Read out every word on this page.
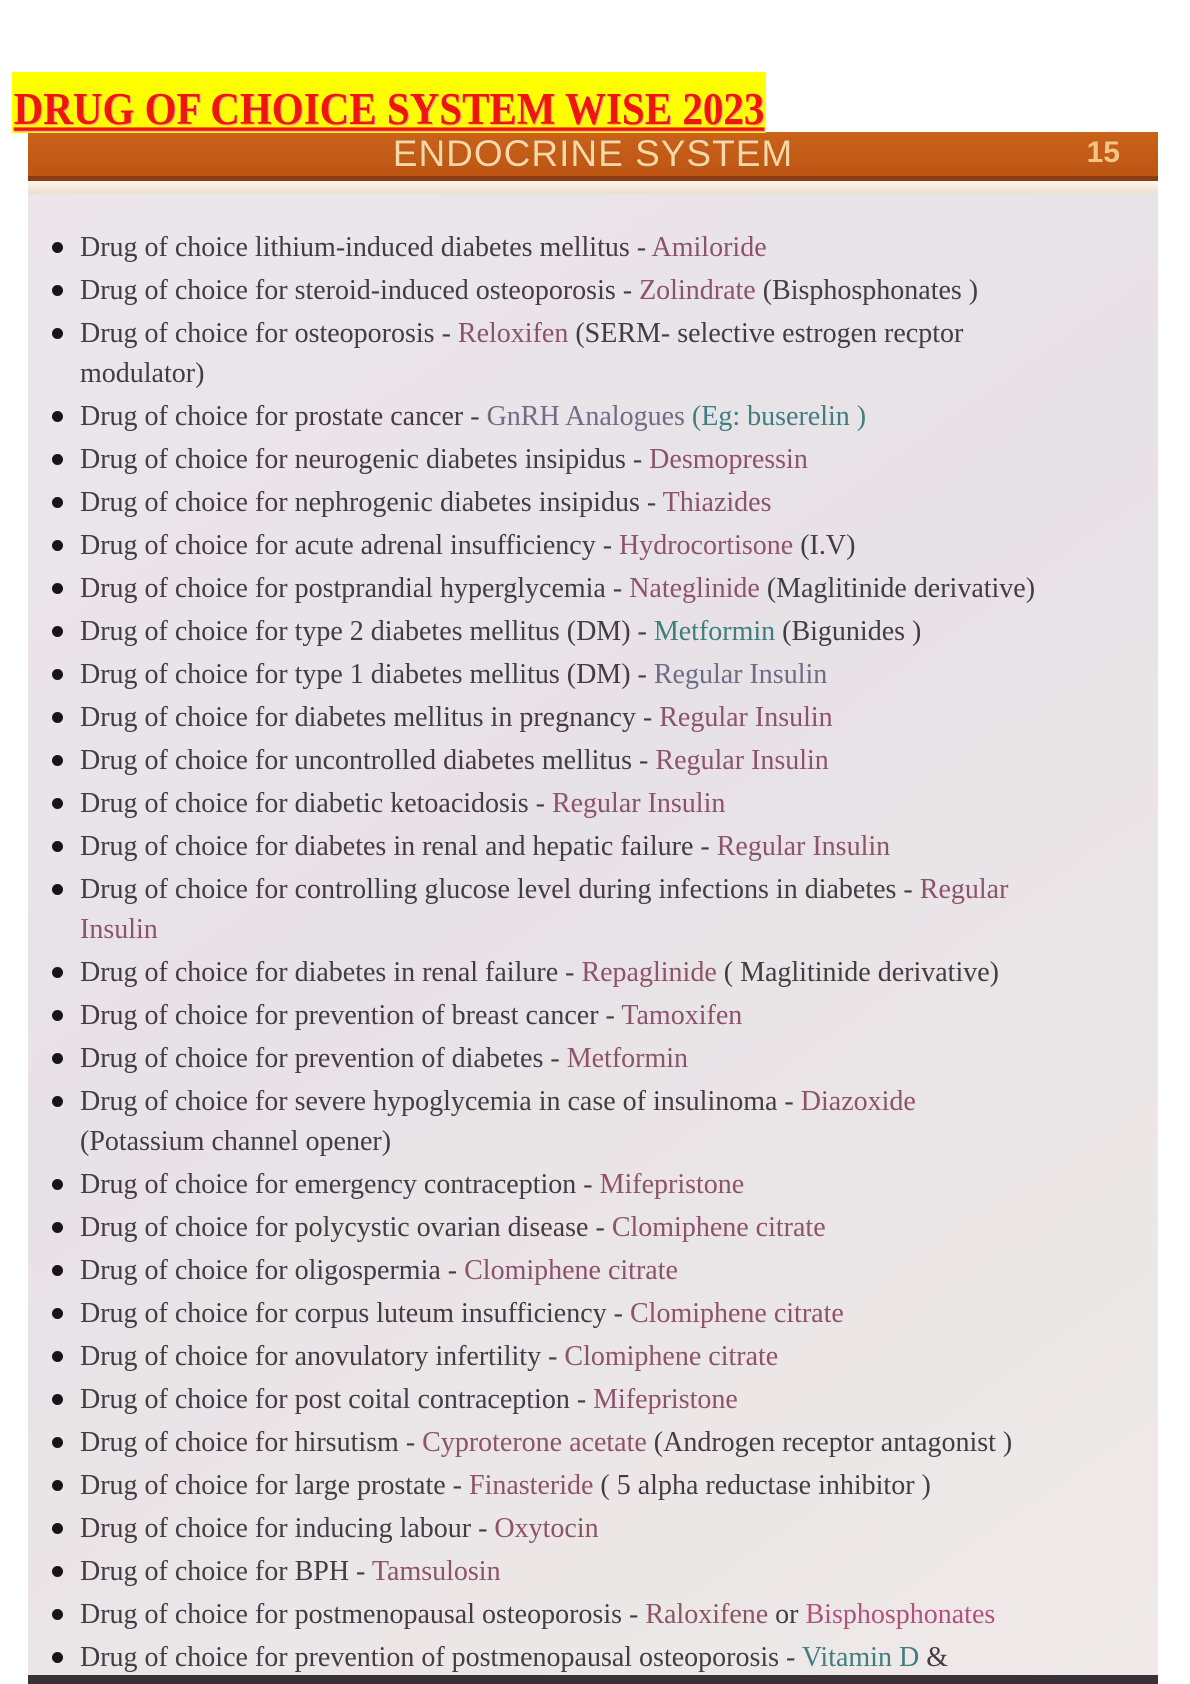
DRUG OF CHOICE SYSTEM WISE 2023
ENDOCRINE SYSTEM	15
Drug of choice lithium-induced diabetes mellitus - Amiloride
Drug of choice for steroid-induced osteoporosis - Zolindrate (Bisphosphonates )
Drug of choice for osteoporosis - Reloxifen (SERM- selective estrogen recptor
modulator)
Drug of choice for prostate cancer - GnRH Analogues (Eg: buserelin )
Drug of choice for neurogenic diabetes insipidus - Desmopressin
Drug of choice for nephrogenic diabetes insipidus - Thiazides
Drug of choice for acute adrenal insufficiency - Hydrocortisone (I.V)
Drug of choice for postprandial hyperglycemia - Nateglinide (Maglitinide derivative)
Drug of choice for type 2 diabetes mellitus (DM) - Metformin (Bigunides )
Drug of choice for type 1 diabetes mellitus (DM) - Regular Insulin
Drug of choice for diabetes mellitus in pregnancy - Regular Insulin
Drug of choice for uncontrolled diabetes mellitus - Regular Insulin
Drug of choice for diabetic ketoacidosis - Regular Insulin
Drug of choice for diabetes in renal and hepatic failure - Regular Insulin
Drug of choice for controlling glucose level during infections in diabetes - Regular
Insulin
Drug of choice for diabetes in renal failure - Repaglinide ( Maglitinide derivative)
Drug of choice for prevention of breast cancer - Tamoxifen
Drug of choice for prevention of diabetes - Metformin
Drug of choice for severe hypoglycemia in case of insulinoma - Diazoxide
(Potassium channel opener)
Drug of choice for emergency contraception - Mifepristone
Drug of choice for polycystic ovarian disease - Clomiphene citrate
Drug of choice for oligospermia - Clomiphene citrate
Drug of choice for corpus luteum insufficiency - Clomiphene citrate
Drug of choice for anovulatory infertility - Clomiphene citrate
Drug of choice for post coital contraception - Mifepristone
Drug of choice for hirsutism - Cyproterone acetate (Androgen receptor antagonist )
Drug of choice for large prostate - Finasteride ( 5 alpha reductase inhibitor )
Drug of choice for inducing labour - Oxytocin
Drug of choice for BPH - Tamsulosin
Drug of choice for postmenopausal osteoporosis - Raloxifene or Bisphosphonates
Drug of choice for prevention of postmenopausal osteoporosis - Vitamin D &
